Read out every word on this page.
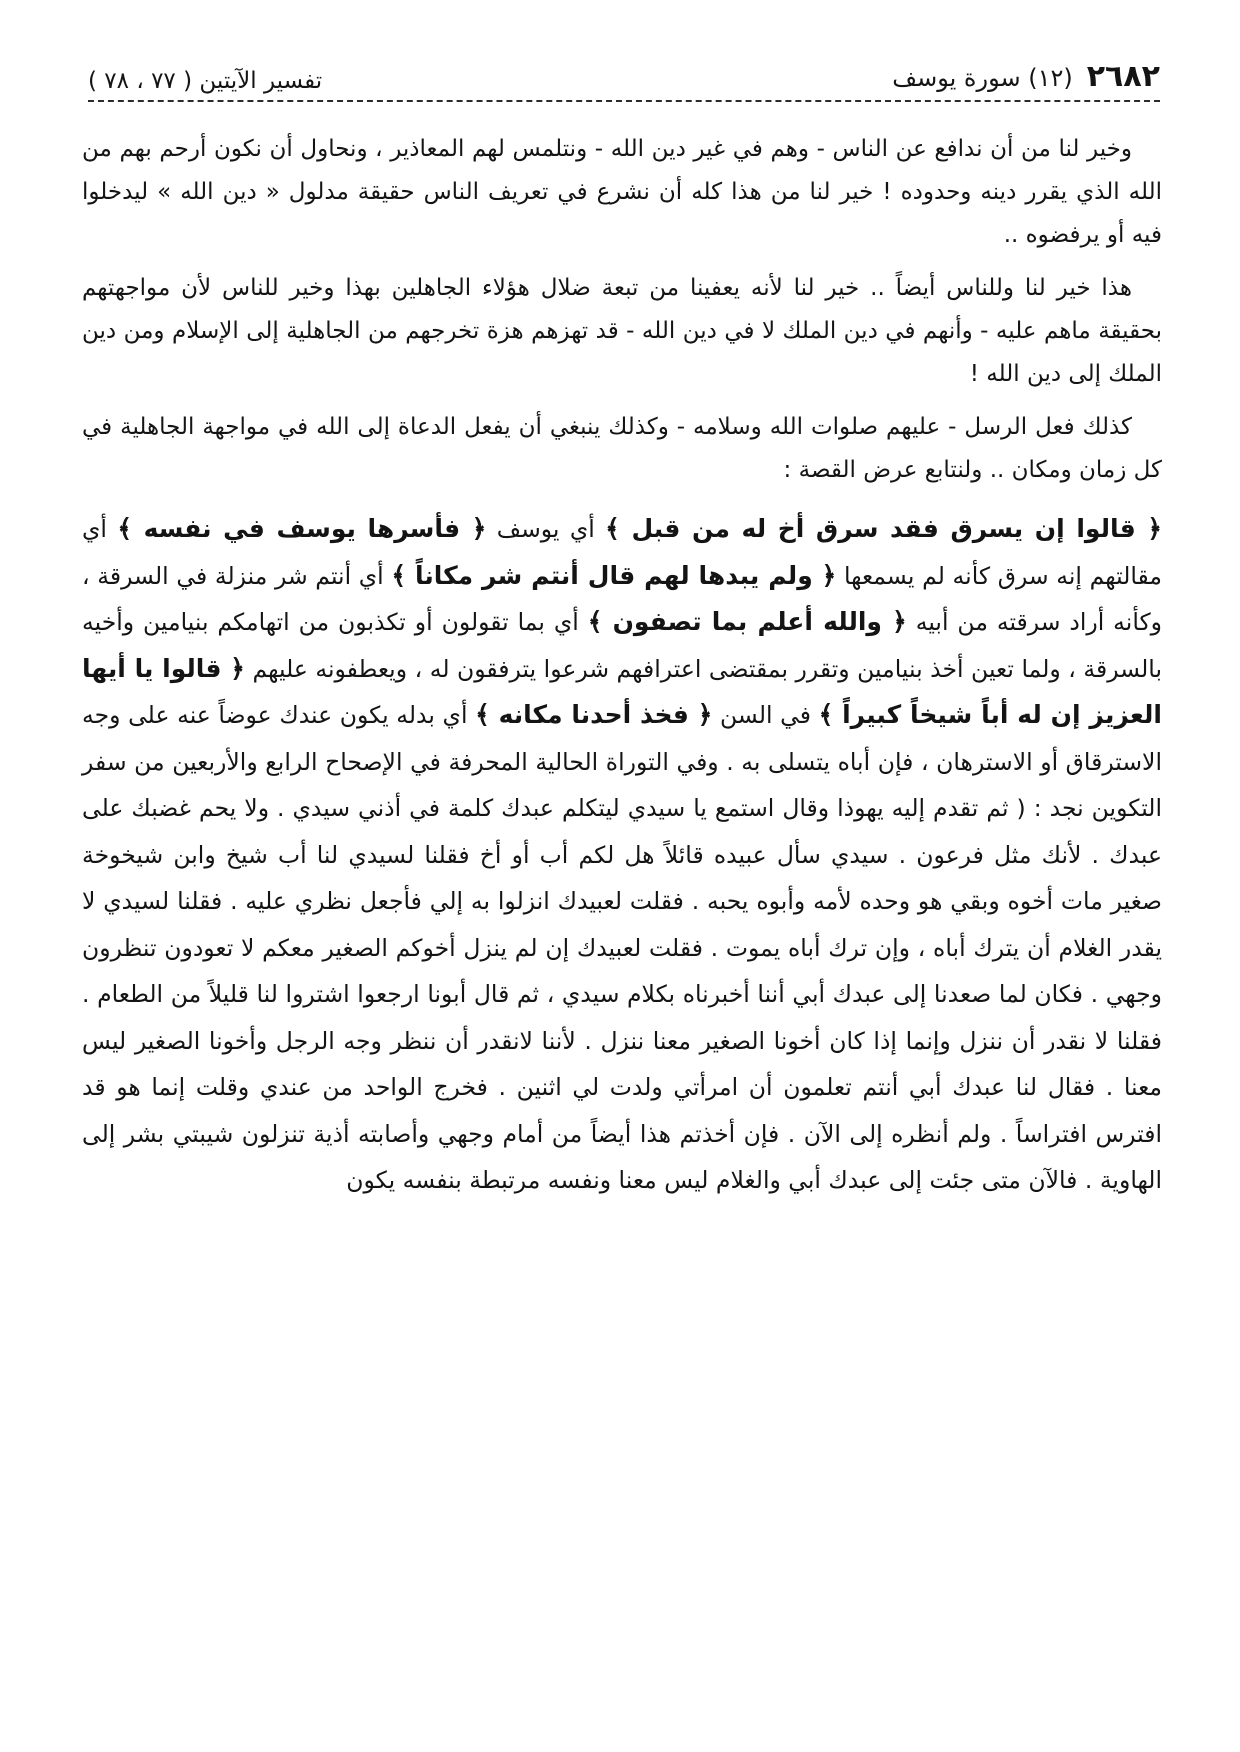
٢٦٨٢
(١٢) سورة يوسف
تفسير الآيتين ( ٧٧ ، ٧٨ )

وخير لنا من أن ندافع عن الناس - وهم في غير دين الله - ونتلمس لهم المعاذير ، ونحاول أن نكون أرحم بهم من الله الذي يقرر دينه وحدوده ! خير لنا من هذا كله أن نشرع في تعريف الناس حقيقة مدلول « دين الله » ليدخلوا فيه أو يرفضوه ..

هذا خير لنا وللناس أيضاً .. خير لنا لأنه يعفينا من تبعة ضلال هؤلاء الجاهلين بهذا وخير للناس لأن مواجهتهم بحقيقة ماهم عليه - وأنهم في دين الملك لا في دين الله - قد تهزهم هزة تخرجهم من الجاهلية إلى الإسلام ومن دين الملك إلى دين الله !

كذلك فعل الرسل - عليهم صلوات الله وسلامه - وكذلك ينبغي أن يفعل الدعاة إلى الله في مواجهة الجاهلية في كل زمان ومكان .. ولنتابع عرض القصة :

﴿ قالوا إن يسرق فقد سرق أخ له من قبل ﴾ أي يوسف ﴿ فأسرها يوسف في نفسه ﴾ أي مقالتهم إنه سرق كأنه لم يسمعها ﴿ ولم يبدها لهم قال أنتم شر مكاناً ﴾ أي أنتم شر منزلة في السرقة ، وكأنه أراد سرقته من أبيه ﴿ والله أعلم بما تصفون ﴾ أي بما تقولون أو تكذبون من اتهامكم بنيامين وأخيه بالسرقة ، ولما تعين أخذ بنيامين وتقرر بمقتضى اعترافهم شرعوا يترفقون له ، ويعطفونه عليهم ﴿ قالوا يا أيها العزيز إن له أباً شيخاً كبيراً ﴾ في السن ﴿ فخذ أحدنا مكانه ﴾ أي بدله يكون عندك عوضاً عنه على وجه الاسترقاق أو الاسترهان ، فإن أباه يتسلى به . وفي التوراة الحالية المحرفة في الإصحاح الرابع والأربعين من سفر التكوين نجد : ( ثم تقدم إليه يهوذا وقال استمع يا سيدي ليتكلم عبدك كلمة في أذني سيدي . ولا يحم غضبك على عبدك . لأنك مثل فرعون . سيدي سأل عبيده قائلاً هل لكم أب أو أخ فقلنا لسيدي لنا أب شيخ وابن شيخوخة صغير مات أخوه وبقي هو وحده لأمه وأبوه يحبه . فقلت لعبيدك انزلوا به إلي فأجعل نظري عليه . فقلنا لسيدي لا يقدر الغلام أن يترك أباه ، وإن ترك أباه يموت . فقلت لعبيدك إن لم ينزل أخوكم الصغير معكم لا تعودون تنظرون وجهي . فكان لما صعدنا إلى عبدك أبي أننا أخبرناه بكلام سيدي ، ثم قال أبونا ارجعوا اشتروا لنا قليلاً من الطعام . فقلنا لا نقدر أن ننزل وإنما إذا كان أخونا الصغير معنا ننزل . لأننا لانقدر أن ننظر وجه الرجل وأخونا الصغير ليس معنا . فقال لنا عبدك أبي أنتم تعلمون أن امرأتي ولدت لي اثنين . فخرج الواحد من عندي وقلت إنما هو قد افترس افتراساً . ولم أنظره إلى الآن . فإن أخذتم هذا أيضاً من أمام وجهي وأصابته أذية تنزلون شيبتي بشر إلى الهاوية . فالآن متى جئت إلى عبدك أبي والغلام ليس معنا ونفسه مرتبطة بنفسه يكون
